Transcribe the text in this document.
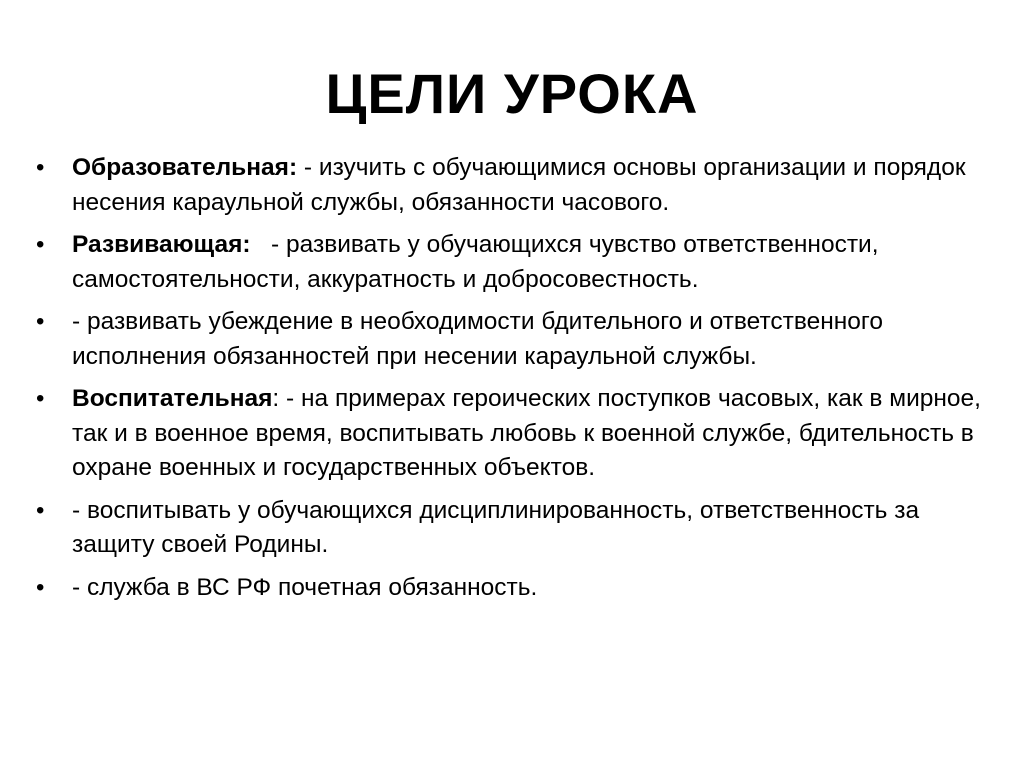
ЦЕЛИ УРОКА
•	Образовательная: - изучить с обучающимися основы организации и порядок несения караульной службы, обязанности часового.
•	Развивающая:   - развивать у обучающихся чувство ответственности, самостоятельности, аккуратность и добросовестность.
•	- развивать убеждение в необходимости бдительного и ответственного исполнения обязанностей при несении караульной службы.
•	Воспитательная: - на примерах героических поступков часовых, как в мирное, так и в военное время, воспитывать любовь к военной службе, бдительность в охране военных и государственных объектов.
•	- воспитывать у обучающихся дисциплинированность, ответственность за защиту своей Родины.
•	- служба в ВС РФ почетная обязанность.
